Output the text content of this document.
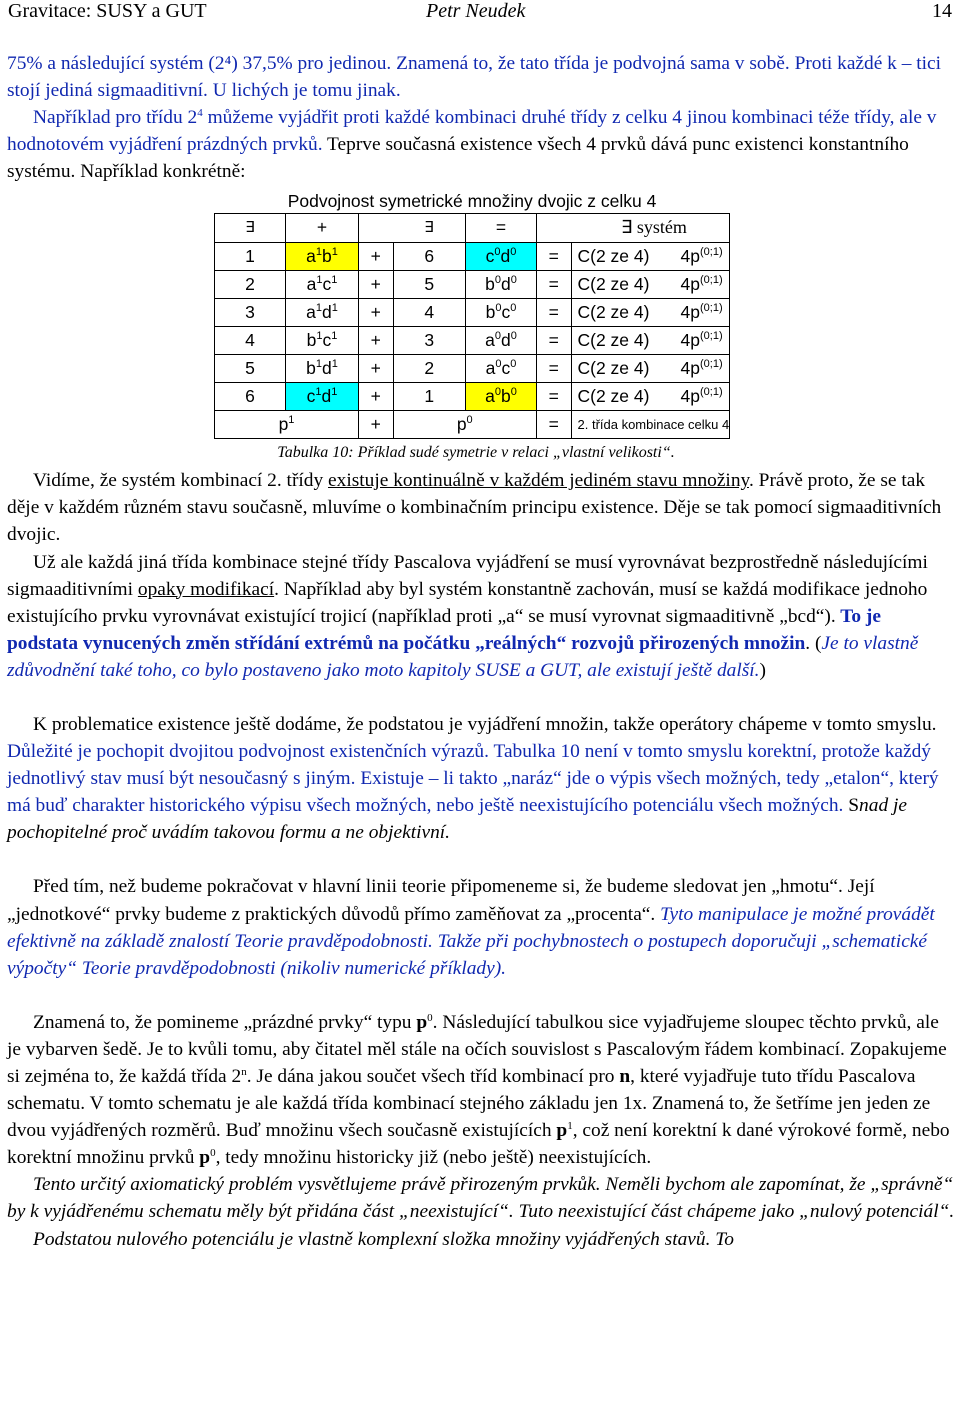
Gravitace: SUSY a GUT	Petr Neudek	14

75% a následující systém (2⁴) 37,5% pro jedinou. Znamená to, že tato třída je podvojná sama v sobě. Proti každé k – tici stojí jediná sigmaaditivní. U lichých je tomu jinak.

Například pro třídu $2^4$ můžeme vyjádřit proti každé kombinaci druhé třídy z celku 4 jinou kombinaci téže třídy, ale v hodnotovém vyjádření prázdných prvků. Teprve současná existence všech 4 prvků dává punc existenci konstantního systému. Například konkrétně:

Podvojnost symetrické množiny dvojic z celku 4
∃	+		∃	=		∃ systém	
1	$a^1b^1$	+	6	$c^0d^0$	=	C(2 ze 4)	$4p^{(0;1)}$
2	$a^1c^1$	+	5	$b^0d^0$	=	C(2 ze 4)	$4p^{(0;1)}$
3	$a^1d^1$	+	4	$b^0c^0$	=	C(2 ze 4)	$4p^{(0;1)}$
4	$b^1c^1$	+	3	$a^0d^0$	=	C(2 ze 4)	$4p^{(0;1)}$
5	$b^1d^1$	+	2	$a^0c^0$	=	C(2 ze 4)	$4p^{(0;1)}$
6	$c^1d^1$	+	1	$a^0b^0$	=	C(2 ze 4)	$4p^{(0;1)}$
$p^1$		+	$p^0$		=	2. třída kombinace celku 4	
Tabulka 10: Příklad sudé symetrie v relaci „vlastní velikosti“.

Vidíme, že systém kombinací 2. třídy existuje kontinuálně v každém jediném stavu množiny. Právě proto, že se tak děje v každém různém stavu současně, mluvíme o kombinačním principu existence. Děje se tak pomocí sigmaaditivních dvojic.

Už ale každá jiná třída kombinace stejné třídy Pascalova vyjádření se musí vyrovnávat bezprostředně následujícími sigmaaditivními opaky modifikací. Například aby byl systém konstantně zachován, musí se každá modifikace jednoho existujícího prvku vyrovnávat existující trojicí (například proti „a“ se musí vyrovnat sigmaaditivně „bcd“). To je podstata vynucených změn střídání extrémů na počátku „reálných“ rozvojů přirozených množin. (Je to vlastně zdůvodnění také toho, co bylo postaveno jako moto kapitoly SUSE a GUT, ale existují ještě další.)

K problematice existence ještě dodáme, že podstatou je vyjádření množin, takže operátory chápeme v tomto smyslu. Důležité je pochopit dvojitou podvojnost existenčních výrazů. Tabulka 10 není v tomto smyslu korektní, protože každý jednotlivý stav musí být nesoučasný s jiným. Existuje – li takto „naráz“ jde o výpis všech možných, tedy „etalon“, který má buď charakter historického výpisu všech možných, nebo ještě neexistujícího potenciálu všech možných. Snad je pochopitelné proč uvádím takovou formu a ne objektivní.

Před tím, než budeme pokračovat v hlavní linii teorie připomeneme si, že budeme sledovat jen „hmotu“. Její „jednotkové“ prvky budeme z praktických důvodů přímo zaměňovat za „procenta“. Tyto manipulace je možné provádět efektivně na základě znalostí Teorie pravděpodobnosti. Takže při pochybnostech o postupech doporučuji „schematické výpočty“ Teorie pravděpodobnosti (nikoliv numerické příklady).

Znamená to, že pomineme „prázdné prvky“ typu $p^0$. Následující tabulkou sice vyjadřujeme sloupec těchto prvků, ale je vybarven šedě. Je to kvůli tomu, aby čitatel měl stále na očích souvislost s Pascalovým řádem kombinací. Zopakujeme si zejména to, že každá třída 2$^n$. Je dána jakou součet všech tříd kombinací pro n, které vyjadřuje tuto třídu Pascalova schematu. V tomto schematu je ale každá třída kombinací stejného základu jen 1x. Znamená to, že šetříme jen jeden ze dvou vyjádřených rozměrů. Buď množinu všech současně existujících $p^1$, což není korektní k dané výrokové formě, nebo korektní množinu prvků $p^0$, tedy množinu historicky již (nebo ještě) neexistujících.

Tento určitý axiomatický problém vysvětlujeme právě přirozeným prvkůk. Neměli bychom ale zapomínat, že „správně“ by k vyjádřenému schematu měly být přidána část „neexistující“. Tuto neexistující část chápeme jako „nulový potenciál“.

Podstatou nulového potenciálu je vlastně komplexní složka množiny vyjádřených stavů. To
